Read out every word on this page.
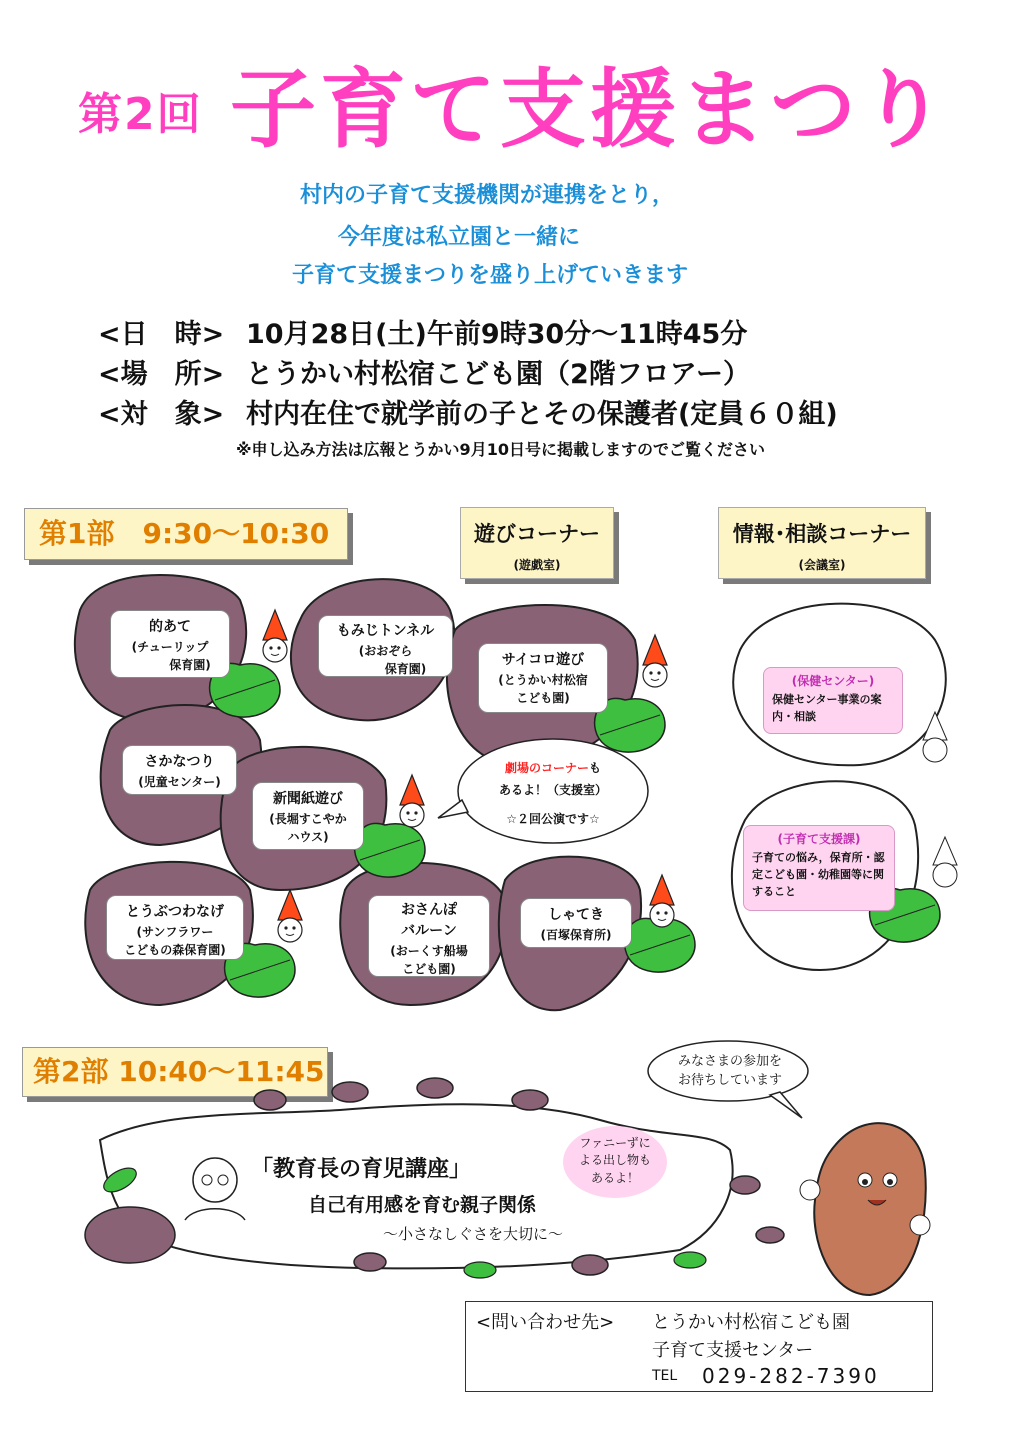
第2回 子育て支援まつり
村内の子育て支援機関が連携をとり，
今年度は私立園と一緒に
子育て支援まつりを盛り上げていきます
<日　時> 10月28日(土)午前9時30分〜11時45分
<場　所> とうかい村松宿こども園（2階フロアー）
<対　象> 村内在住で就学前の子とその保護者(定員６０組)
※申し込み方法は広報とうかい9月10日号に掲載しますのでご覧ください
第1部　9:30〜10:30	遊びコーナー
(遊戯室)
情報･相談コーナー
(会議室)
的あて
(チューリップ
保育園)
もみじトンネル
(おおぞら
保育園)
サイコロ遊び
(とうかい村松宿
こども園)
さかなつり
(児童センター)
新聞紙遊び
(長堀すこやか
ハウス)
とうぶつわなげ
(サンフラワー
こどもの森保育園)
おさんぽ
バルーン
(おーくす船場
こども園)
しゃてき
(百塚保育所)
劇場のコーナーも
あるよ！（支援室）
☆２回公演です☆
(保健センター)
保健センター事業の案内・相談
(子育て支援課)
子育ての悩み，保育所・認定こども園・幼稚園等に関すること
第2部 10:40〜11:45
「教育長の育児講座」
自己有用感を育む親子関係
〜小さなしぐさを大切に〜
ファニーずに
よる出し物も
あるよ！
みなさまの参加を
お待ちしています
<問い合わせ先> とうかい村松宿こども園
子育て支援センター
TEL 029-282-7390
